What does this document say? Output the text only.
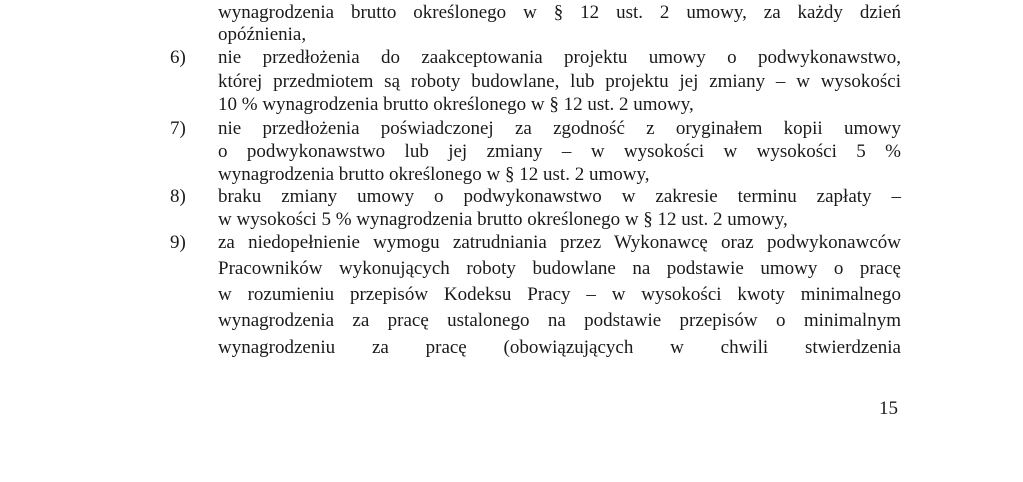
wynagrodzenia brutto określonego w § 12 ust. 2 umowy, za każdy dzień
opóźnienia,
6) nie przedłożenia do zaakceptowania projektu umowy o podwykonawstwo,
której przedmiotem są roboty budowlane, lub projektu jej zmiany – w wysokości
10 % wynagrodzenia brutto określonego w § 12 ust. 2 umowy,
7) nie przedłożenia poświadczonej za zgodność z oryginałem kopii umowy
o podwykonawstwo lub jej zmiany – w wysokości w wysokości 5 %
wynagrodzenia brutto określonego w § 12 ust. 2 umowy,
8) braku zmiany umowy o podwykonawstwo w zakresie terminu zapłaty –
w wysokości 5 % wynagrodzenia brutto określonego w § 12 ust. 2 umowy,
9) za niedopełnienie wymogu zatrudniania przez Wykonawcę oraz podwykonawców
Pracowników wykonujących roboty budowlane na podstawie umowy o pracę
w rozumieniu przepisów Kodeksu Pracy – w wysokości kwoty minimalnego
wynagrodzenia za pracę ustalonego na podstawie przepisów o minimalnym
wynagrodzeniu za pracę (obowiązujących w chwili stwierdzenia
15
